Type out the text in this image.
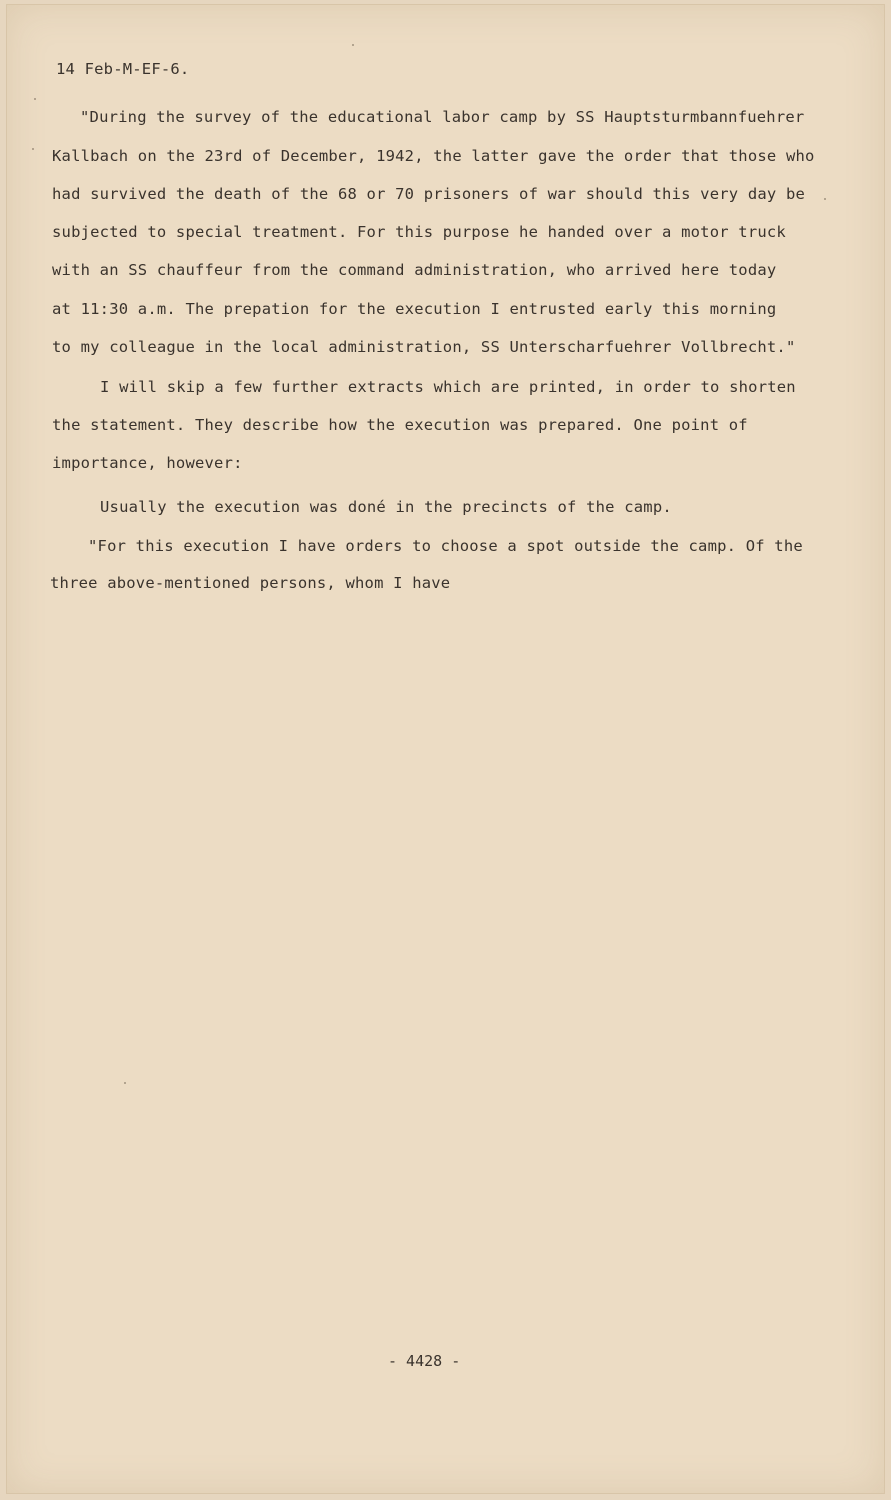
14 Feb-M-EF-6.
"During the survey of the educational labor camp by SS Hauptsturmbannfuehrer
Kallbach on the 23rd of December, 1942, the latter gave the order that those who
had survived the death of the 68 or 70 prisoners of war should this very day be
subjected to special treatment. For this purpose he handed over a motor truck
with an SS chauffeur from the command administration, who arrived here today
at 11:30 a.m. The prepation for the execution I entrusted early this morning
to my colleague in the local administration, SS Unterscharfuehrer Vollbrecht."
I will skip a few further extracts which are printed, in order to shorten
the statement. They describe how the execution was prepared. One point of
importance, however:
Usually the execution was doné in the precincts of the camp.
"For this execution I have orders to choose a spot outside the camp. Of the
three above-mentioned persons, whom I have
- 4428 -
